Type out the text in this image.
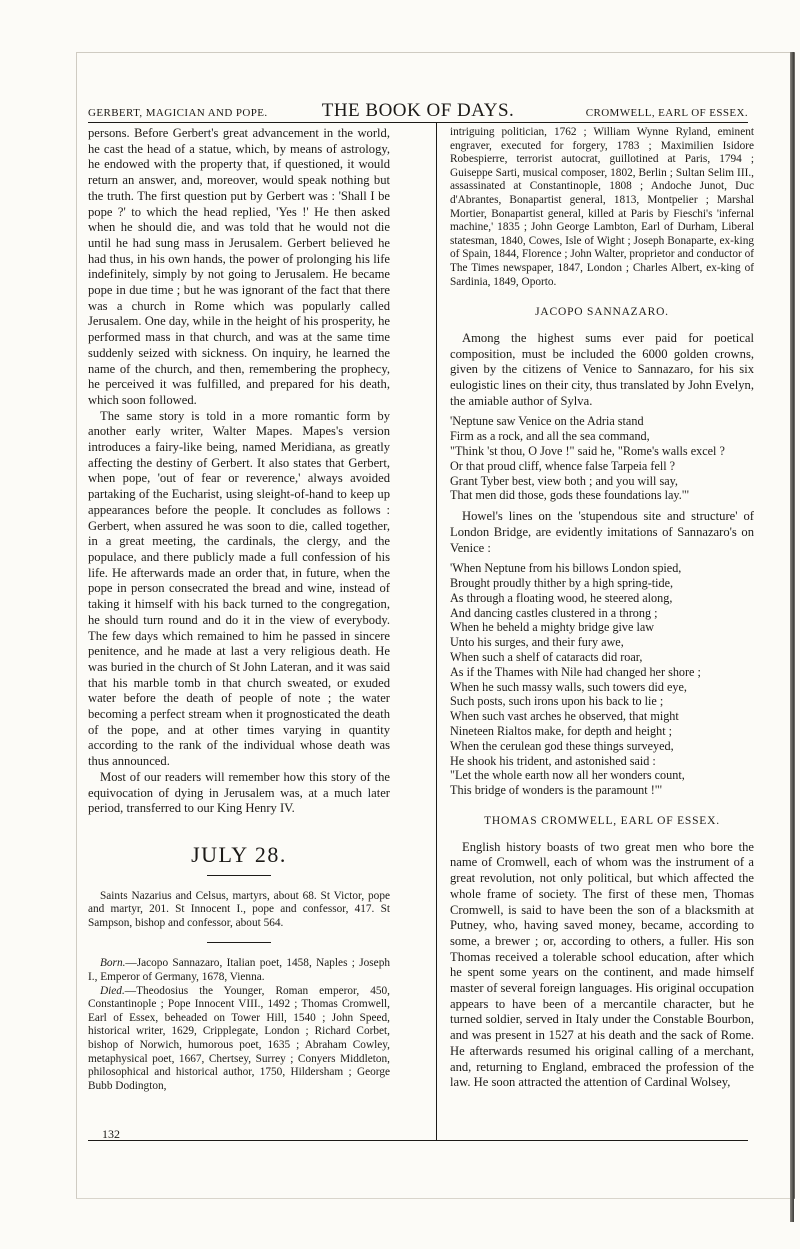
GERBERT, MAGICIAN AND POPE.	THE BOOK OF DAYS.	CROMWELL, EARL OF ESSEX.

persons. Before Gerbert's great advancement in the world, he cast the head of a statue, which, by means of astrology, he endowed with the property that, if questioned, it would return an answer, and, moreover, would speak nothing but the truth. The first question put by Gerbert was : 'Shall I be pope ?' to which the head replied, 'Yes !' He then asked when he should die, and was told that he would not die until he had sung mass in Jerusalem. Gerbert believed he had thus, in his own hands, the power of prolonging his life indefinitely, simply by not going to Jerusalem. He became pope in due time ; but he was ignorant of the fact that there was a church in Rome which was popularly called Jerusalem. One day, while in the height of his prosperity, he performed mass in that church, and was at the same time suddenly seized with sickness. On inquiry, he learned the name of the church, and then, remembering the prophecy, he perceived it was fulfilled, and prepared for his death, which soon followed.

The same story is told in a more romantic form by another early writer, Walter Mapes. Mapes's version introduces a fairy-like being, named Meridiana, as greatly affecting the destiny of Gerbert. It also states that Gerbert, when pope, 'out of fear or reverence,' always avoided partaking of the Eucharist, using sleight-of-hand to keep up appearances before the people. It concludes as follows : Gerbert, when assured he was soon to die, called together, in a great meeting, the cardinals, the clergy, and the populace, and there publicly made a full confession of his life. He afterwards made an order that, in future, when the pope in person consecrated the bread and wine, instead of taking it himself with his back turned to the congregation, he should turn round and do it in the view of everybody. The few days which remained to him he passed in sincere penitence, and he made at last a very religious death. He was buried in the church of St John Lateran, and it was said that his marble tomb in that church sweated, or exuded water before the death of people of note ; the water becoming a perfect stream when it prognosticated the death of the pope, and at other times varying in quantity according to the rank of the individual whose death was thus announced.

Most of our readers will remember how this story of the equivocation of dying in Jerusalem was, at a much later period, transferred to our King Henry IV.

JULY 28.
Saints Nazarius and Celsus, martyrs, about 68. St Victor, pope and martyr, 201. St Innocent I., pope and confessor, 417. St Sampson, bishop and confessor, about 564.
Born.—Jacopo Sannazaro, Italian poet, 1458, Naples ; Joseph I., Emperor of Germany, 1678, Vienna.
Died.—Theodosius the Younger, Roman emperor, 450, Constantinople ; Pope Innocent VIII., 1492 ; Thomas Cromwell, Earl of Essex, beheaded on Tower Hill, 1540 ; John Speed, historical writer, 1629, Cripplegate, London ; Richard Corbet, bishop of Norwich, humorous poet, 1635 ; Abraham Cowley, metaphysical poet, 1667, Chertsey, Surrey ; Conyers Middleton, philosophical and historical author, 1750, Hildersham ; George Bubb Dodington,
intriguing politician, 1762 ; William Wynne Ryland, eminent engraver, executed for forgery, 1783 ; Maximilien Isidore Robespierre, terrorist autocrat, guillotined at Paris, 1794 ; Guiseppe Sarti, musical composer, 1802, Berlin ; Sultan Selim III., assassinated at Constantinople, 1808 ; Andoche Junot, Duc d'Abrantes, Bonapartist general, 1813, Montpelier ; Marshal Mortier, Bonapartist general, killed at Paris by Fieschi's 'infernal machine,' 1835 ; John George Lambton, Earl of Durham, Liberal statesman, 1840, Cowes, Isle of Wight ; Joseph Bonaparte, ex-king of Spain, 1844, Florence ; John Walter, proprietor and conductor of The Times newspaper, 1847, London ; Charles Albert, ex-king of Sardinia, 1849, Oporto.
JACOPO SANNAZARO.

Among the highest sums ever paid for poetical composition, must be included the 6000 golden crowns, given by the citizens of Venice to Sannazaro, for his six eulogistic lines on their city, thus translated by John Evelyn, the amiable author of Sylva.

'Neptune saw Venice on the Adria stand
Firm as a rock, and all the sea command,
"Think 'st thou, O Jove !" said he, "Rome's walls excel ?
Or that proud cliff, whence false Tarpeia fell ?
Grant Tyber best, view both ; and you will say,
That men did those, gods these foundations lay."'

Howel's lines on the 'stupendous site and structure' of London Bridge, are evidently imitations of Sannazaro's on Venice :

'When Neptune from his billows London spied,
Brought proudly thither by a high spring-tide,
As through a floating wood, he steered along,
And dancing castles clustered in a throng ;
When he beheld a mighty bridge give law
Unto his surges, and their fury awe,
When such a shelf of cataracts did roar,
As if the Thames with Nile had changed her shore ;
When he such massy walls, such towers did eye,
Such posts, such irons upon his back to lie ;
When such vast arches he observed, that might
Nineteen Rialtos make, for depth and height ;
When the cerulean god these things surveyed,
He shook his trident, and astonished said :
"Let the whole earth now all her wonders count,
This bridge of wonders is the paramount !"'
THOMAS CROMWELL, EARL OF ESSEX.

English history boasts of two great men who bore the name of Cromwell, each of whom was the instrument of a great revolution, not only political, but which affected the whole frame of society. The first of these men, Thomas Cromwell, is said to have been the son of a blacksmith at Putney, who, having saved money, became, according to some, a brewer ; or, according to others, a fuller. His son Thomas received a tolerable school education, after which he spent some years on the continent, and made himself master of several foreign languages. His original occupation appears to have been of a mercantile character, but he turned soldier, served in Italy under the Constable Bourbon, and was present in 1527 at his death and the sack of Rome. He afterwards resumed his original calling of a merchant, and, returning to England, embraced the profession of the law. He soon attracted the attention of Cardinal Wolsey,

132
